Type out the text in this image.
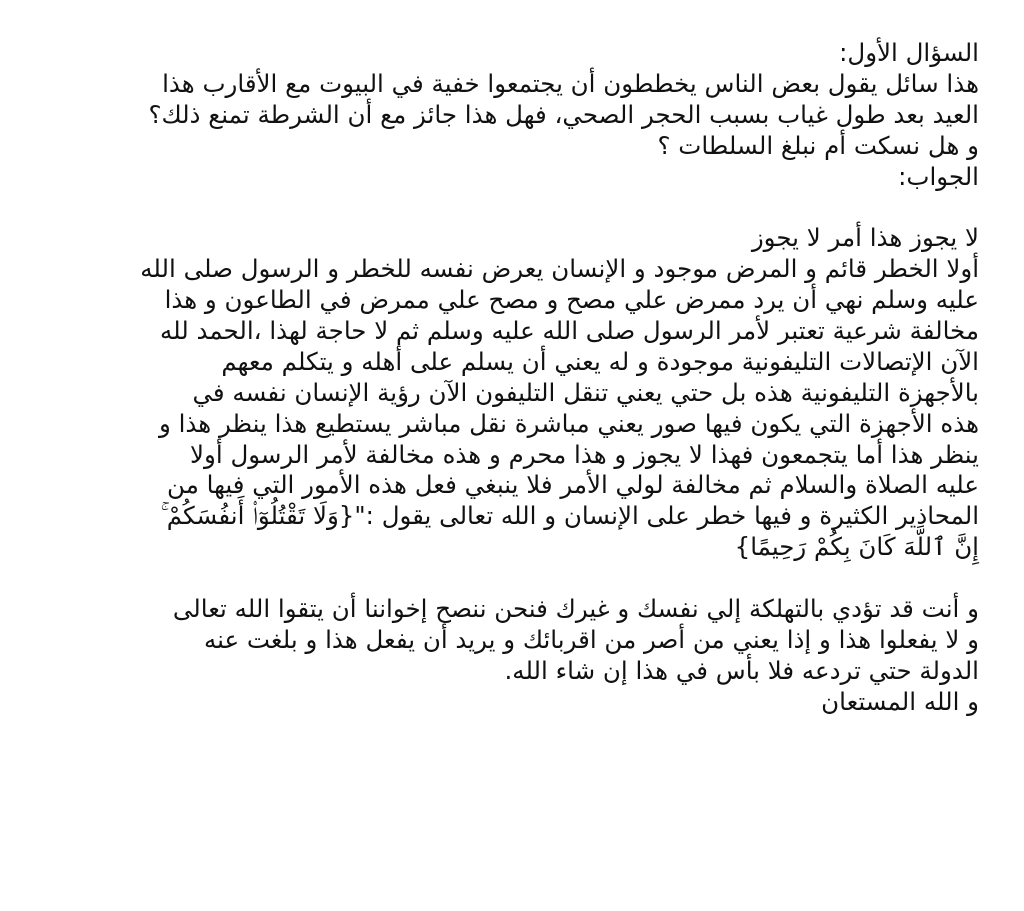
السؤال الأول:
هذا سائل يقول بعض الناس يخططون أن يجتمعوا خفية في البيوت مع الأقارب هذا
العيد بعد طول غياب بسبب الحجر الصحي، فهل هذا جائز مع أن الشرطة تمنع ذلك؟
و هل نسكت أم نبلغ السلطات ؟
الجواب:
لا يجوز هذا أمر لا يجوز
أولا الخطر قائم و المرض موجود و الإنسان يعرض نفسه للخطر و الرسول صلى الله
عليه وسلم نهي أن يرد ممرض علي مصح و مصح علي ممرض في الطاعون و هذا
مخالفة شرعية تعتبر لأمر الرسول صلى الله عليه وسلم ثم لا حاجة لهذا ،الحمد لله
الآن الإتصالات التليفونية موجودة و له يعني أن يسلم على أهله و يتكلم معهم
بالأجهزة التليفونية هذه بل حتي يعني تنقل التليفون الآن رؤية الإنسان نفسه في
هذه الأجهزة التي يكون فيها صور يعني مباشرة نقل مباشر يستطيع هذا ينظر هذا و
ينظر هذا أما يتجمعون فهذا لا يجوز و هذا محرم و هذه مخالفة لأمر الرسول أولا
عليه الصلاة والسلام ثم مخالفة لولي الأمر فلا ينبغي فعل هذه الأمور التي فيها من
المحاذير الكثيرة و فيها خطر على الإنسان و الله تعالى يقول :"{وَلَا تَقْتُلُوٓا۟ أَنفُسَكُمْ ۚ
إِنَّ ٱللَّهَ كَانَ بِكُمْ رَحِيمًا}
و أنت قد تؤدي بالتهلكة إلي نفسك و غيرك فنحن ننصح إخواننا أن يتقوا الله تعالى
و لا يفعلوا هذا و إذا يعني من أصر من اقربائك و يريد أن يفعل هذا و بلغت عنه
الدولة حتي تردعه فلا بأس في هذا إن شاء الله.
و الله المستعان
